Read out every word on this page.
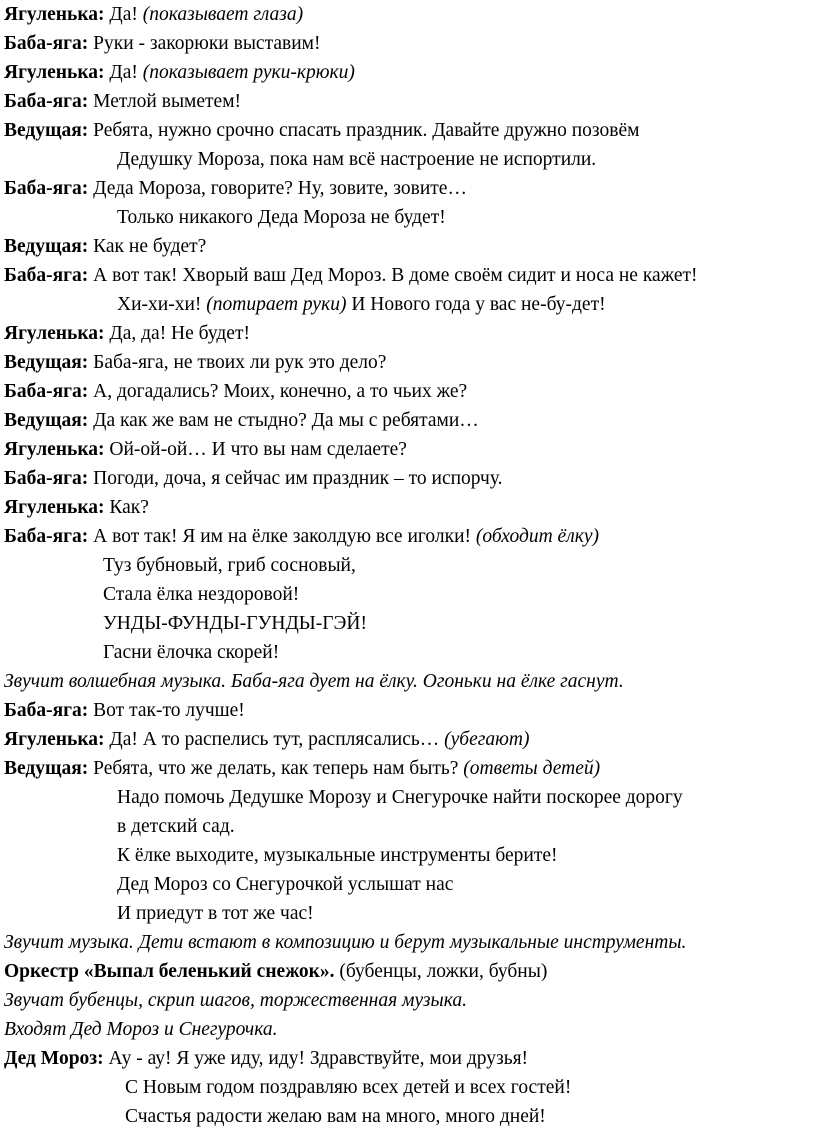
Ягуленька: Да! (показывает глаза)
Баба-яга: Руки - закорюки выставим!
Ягуленька: Да! (показывает руки-крюки)
Баба-яга: Метлой выметем!
Ведущая: Ребята, нужно срочно спасать праздник. Давайте дружно позовём
Дедушку Мороза, пока нам всё настроение не испортили.
Баба-яга: Деда Мороза, говорите? Ну, зовите, зовите…
Только никакого Деда Мороза не будет!
Ведущая: Как не будет?
Баба-яга: А вот так! Хворый ваш Дед Мороз. В доме своём сидит и носа не кажет!
Хи-хи-хи! (потирает руки) И Нового года у вас не-бу-дет!
Ягуленька: Да, да! Не будет!
Ведущая: Баба-яга, не твоих ли рук это дело?
Баба-яга: А, догадались? Моих, конечно, а то чьих же?
Ведущая: Да как же вам не стыдно? Да мы с ребятами…
Ягуленька: Ой-ой-ой… И что вы нам сделаете?
Баба-яга: Погоди, доча, я сейчас им праздник – то испорчу.
Ягуленька: Как?
Баба-яга: А вот так! Я им на ёлке заколдую все иголки! (обходит ёлку)
Туз бубновый, гриб сосновый,
Стала ёлка нездоровой!
УНДЫ-ФУНДЫ-ГУНДЫ-ГЭЙ!
Гасни ёлочка скорей!
Звучит волшебная музыка. Баба-яга дует на ёлку. Огоньки на ёлке гаснут.
Баба-яга: Вот так-то лучше!
Ягуленька: Да! А то распелись тут, расплясались… (убегают)
Ведущая: Ребята, что же делать, как теперь нам быть? (ответы детей)
Надо помочь Дедушке Морозу и Снегурочке найти поскорее дорогу
в детский сад.
К ёлке выходите, музыкальные инструменты берите!
Дед Мороз со Снегурочкой услышат нас
И приедут в тот же час!
Звучит музыка. Дети встают в композицию и берут музыкальные инструменты.
Оркестр «Выпал беленький снежок». (бубенцы, ложки, бубны)
Звучат бубенцы, скрип шагов, торжественная музыка.
Входят Дед Мороз и Снегурочка.
Дед Мороз: Ау - ау! Я уже иду, иду! Здравствуйте, мои друзья!
С Новым годом поздравляю всех детей и всех гостей!
Счастья радости желаю вам на много, много дней!
